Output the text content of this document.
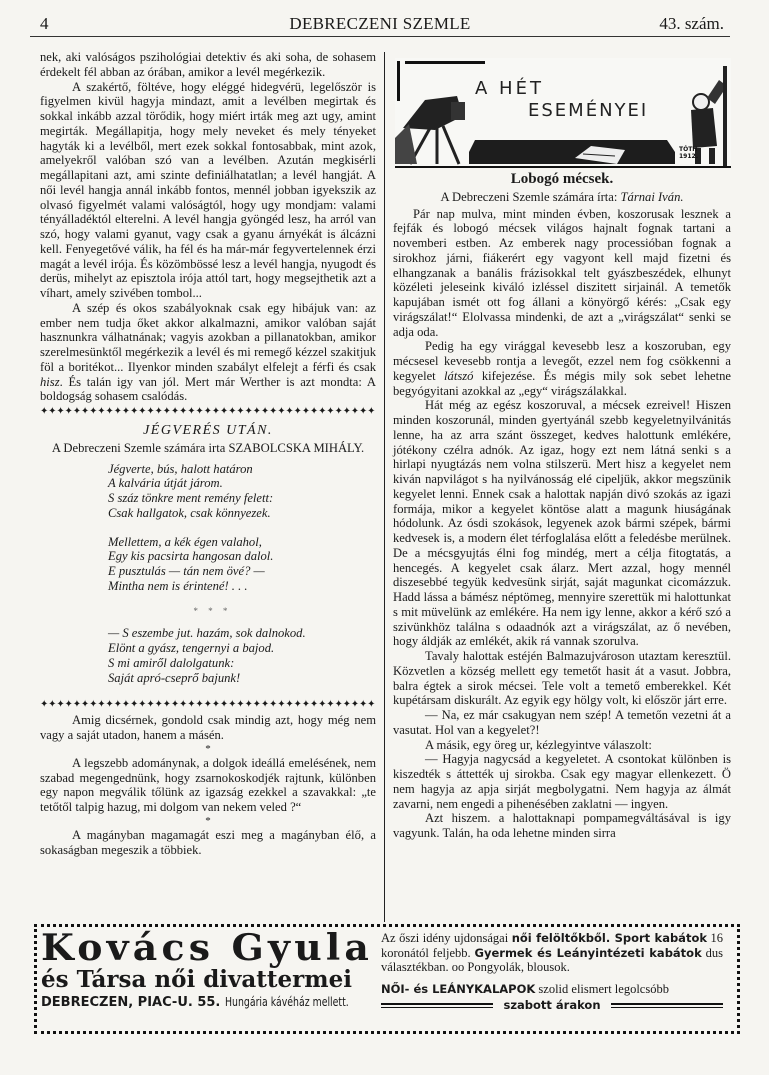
4	DEBRECZENI SZEMLE	43. szám.

nek, aki valóságos pszihológiai detektiv és aki soha, de sohasem érdekelt fél abban az órában, amikor a levél megérkezik.

A szakértő, föltéve, hogy eléggé hidegvérü, legelőször is figyelmen kivül hagyja mindazt, amit a levélben megirtak és sokkal inkább azzal törődik, hogy miért irták meg azt ugy, amint megirták. Megállapitja, hogy mely neveket és mely tényeket hagyták ki a levélből, mert ezek sokkal fontosabbak, mint azok, amelyekről valóban szó van a levélben. Azután megkisérli megállapitani azt, ami szinte definiálhatatlan; a levél hangját. A női levél hangja annál inkább fontos, mennél jobban igyekszik az olvasó figyelmét valami valóságtól, hogy ugy mondjam: valami tényálladéktól elterelni. A levél hangja gyöngéd lesz, ha arról van szó, hogy valami gyanut, vagy csak a gyanu árnyékát is álcázni kell. Fenyegetővé válik, ha fél és ha már-már fegyvertelennek érzi magát a levél irója. És közömbössé lesz a levél hangja, nyugodt és derüs, mihelyt az episztola irója attól tart, hogy megsejthetik azt a víhart, amely szivében tombol...

A szép és okos szabályoknak csak egy hibájuk van: az ember nem tudja őket akkor alkalmazni, amikor valóban saját hasznunkra válhatnának; vagyis azokban a pillanatokban, amikor szerelmesünktől megérkezik a levél és mi remegő kézzel szakitjuk föl a boritékot... Ilyenkor minden szabályt elfelejt a férfi és csak hisz. És talán igy van jól. Mert már Werther is azt mondta: A boldogság sohasem csalódás.

✦✦✦✦✦✦✦✦✦✦✦✦✦✦✦✦✦✦✦✦✦✦✦✦✦✦✦✦✦✦✦✦✦✦✦✦✦✦✦✦✦
JÉGVERÉS UTÁN.
A Debreczeni Szemle számára irta SZABOLCSKA MIHÁLY.
Jégverte, bús, halott határon
A kalvária útját járom.
S száz tönkre ment remény felett:
Csak hallgatok, csak könnyezek.
Mellettem, a kék égen valahol,
Egy kis pacsirta hangosan dalol.
E pusztulás — tán nem övé? —
Mintha nem is érintené! . . .
* * *
— S eszembe jut. hazám, sok dalnokod.
Elönt a gyász, tengernyi a bajod.
S mi amiről dalolgatunk:
Saját apró-cseprő bajunk!
✦✦✦✦✦✦✦✦✦✦✦✦✦✦✦✦✦✦✦✦✦✦✦✦✦✦✦✦✦✦✦✦✦✦✦✦✦✦✦✦✦

Amig dicsérnek, gondold csak mindig azt, hogy még nem vagy a saját utadon, hanem a másén.

*

A legszebb adománynak, a dolgok ideállá emelésének, nem szabad megengednünk, hogy zsarnokoskodjék rajtunk, különben egy napon megválik tőlünk az igazság ezekkel a szavakkal: „te tetőtől talpig hazug, mi dolgom van nekem veled ?“

*

A magányban magamagát eszi meg a magányban élő, a sokaságban megeszik a többiek.

A HÉT
ESEMÉNYEI
TÓTH
1912.
Lobogó mécsek.
A Debreczeni Szemle számára írta: Tárnai Iván.

Pár nap mulva, mint minden évben, koszorusak lesznek a fejfák és lobogó mécsek világos hajnalt fognak tartani a novemberi estben. Az emberek nagy processióban fognak a sirokhoz járni, fiákerért egy vagyont kell majd fizetni és elhangzanak a banális frázisokkal telt gyászbeszédek, elhunyt közéleti jeleseink kiváló izléssel diszitett sirjainál. A temetők kapujában ismét ott fog állani a könyörgő kérés: „Csak egy virágszálat!“ Elolvassa mindenki, de azt a „virágszálat“ senki se adja oda.

Pedig ha egy virággal kevesebb lesz a koszoruban, egy mécsesel kevesebb rontja a levegőt, ezzel nem fog csökkenni a kegyelet látszó kifejezése. És mégis mily sok sebet lehetne begyógyitani azokkal az „egy“ virágszálakkal.

Hát még az egész koszoruval, a mécsek ezreivel! Hiszen minden koszorunál, minden gyertyánál szebb kegyeletnyilvánitás lenne, ha az arra szánt összeget, kedves halottunk emlékére, jótékony czélra adnók. Az igaz, hogy ezt nem látná senki s a hirlapi nyugtázás nem volna stilszerü. Mert hisz a kegyelet nem kiván napvilágot s ha nyilvánosság elé cipeljük, akkor megszünik kegyelet lenni. Ennek csak a halottak napján divó szokás az igazi formája, mikor a kegyelet köntöse alatt a magunk hiuságának hódolunk. Az ósdi szokások, legyenek azok bármi szépek, bármi kedvesek is, a modern élet térfoglalása előtt a feledésbe merülnek. De a mécsgyujtás élni fog mindég, mert a célja fitogtatás, a hencegés. A kegyelet csak álarz. Mert azzal, hogy mennél diszesebbé tegyük kedvesünk sirját, saját magunkat cicomázzuk. Hadd lássa a bámész néptömeg, mennyire szerettük mi halottunkat s mit müvelünk az emlékére. Ha nem igy lenne, akkor a kérő szó a szivünkhöz találna s odaadnók azt a virágszálat, az ő nevében, hogy áldják az emlékét, akik rá vannak szorulva.

Tavaly halottak estéjén Balmazujvároson utaztam keresztül. Közvetlen a község mellett egy temetőt hasit át a vasut. Jobbra, balra égtek a sirok mécsei. Tele volt a temető emberekkel. Két kupétársam diskurált. Az egyik egy hölgy volt, ki először járt erre.

— Na, ez már csakugyan nem szép! A temetőn vezetni át a vasutat. Hol van a kegyelet?!

A másik, egy öreg ur, kézlegyintve válaszolt:

— Hagyja nagycsád a kegyeletet. A csontokat különben is kiszedték s áttették uj sirokba. Csak egy magyar ellenkezett. Ö nem hagyja az apja sirját megbolygatni. Nem hagyja az álmát zavarni, nem engedi a pihenésében zaklatni — ingyen.

Azt hiszem. a halottaknapi pompamegváltásával is igy vagyunk. Talán, ha oda lehetne minden sirra

Kovács Gyula
és Társa női divattermei
DEBRECZEN, PIAC-U. 55. Hungária kávéház mellett.
Az őszi idény ujdonságai női felöltőkből. Sport kabátok 16 koronától feljebb. Gyermek és Leányintézeti kabátok dus választékban. oo Pongyolák, blousok.
NŐI- és LEÁNYKALAPOK szolid elismert legolcsóbb
szabott árakon
